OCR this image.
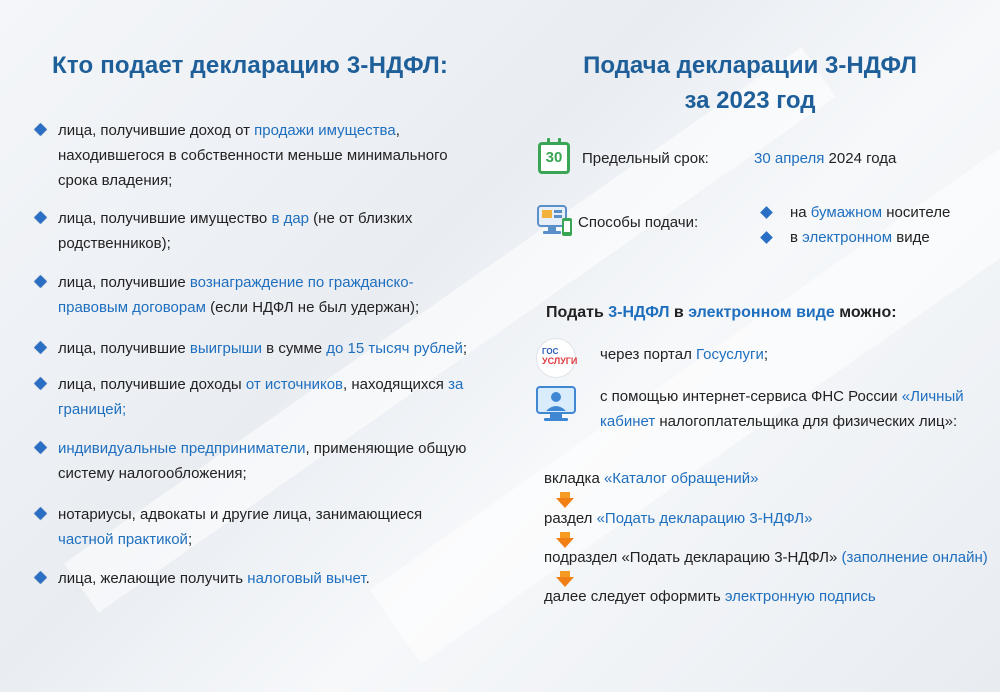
Кто подает декларацию 3-НДФЛ:
лица, получившие доход от продажи имущества, находившегося в собственности меньше минимального срока владения;
лица, получившие имущество в дар (не от близких родственников);
лица, получившие вознаграждение по гражданско-правовым договорам (если НДФЛ не был удержан);
лица, получившие выигрыши в сумме до 15 тысяч рублей;
лица, получившие доходы от источников, находящихся за границей;
индивидуальные предприниматели, применяющие общую систему налогообложения;
нотариусы, адвокаты и другие лица, занимающиеся частной практикой;
лица, желающие получить налоговый вычет.
Подача декларации 3-НДФЛ
за 2023 год
30	Предельный срок:	30 апреля 2024 года
Способы подачи:
на бумажном носителе
в электронном виде
Подать 3-НДФЛ в электронном виде можно:
ГОС
УСЛУГИ через портал Госуслуги;
с помощью интернет-сервиса ФНС России «Личный
кабинет налогоплательщика для физических лиц»:
вкладка «Каталог обращений»
раздел «Подать декларацию 3-НДФЛ»
подраздел «Подать декларацию 3-НДФЛ» (заполнение онлайн)
далее следует оформить электронную подпись
